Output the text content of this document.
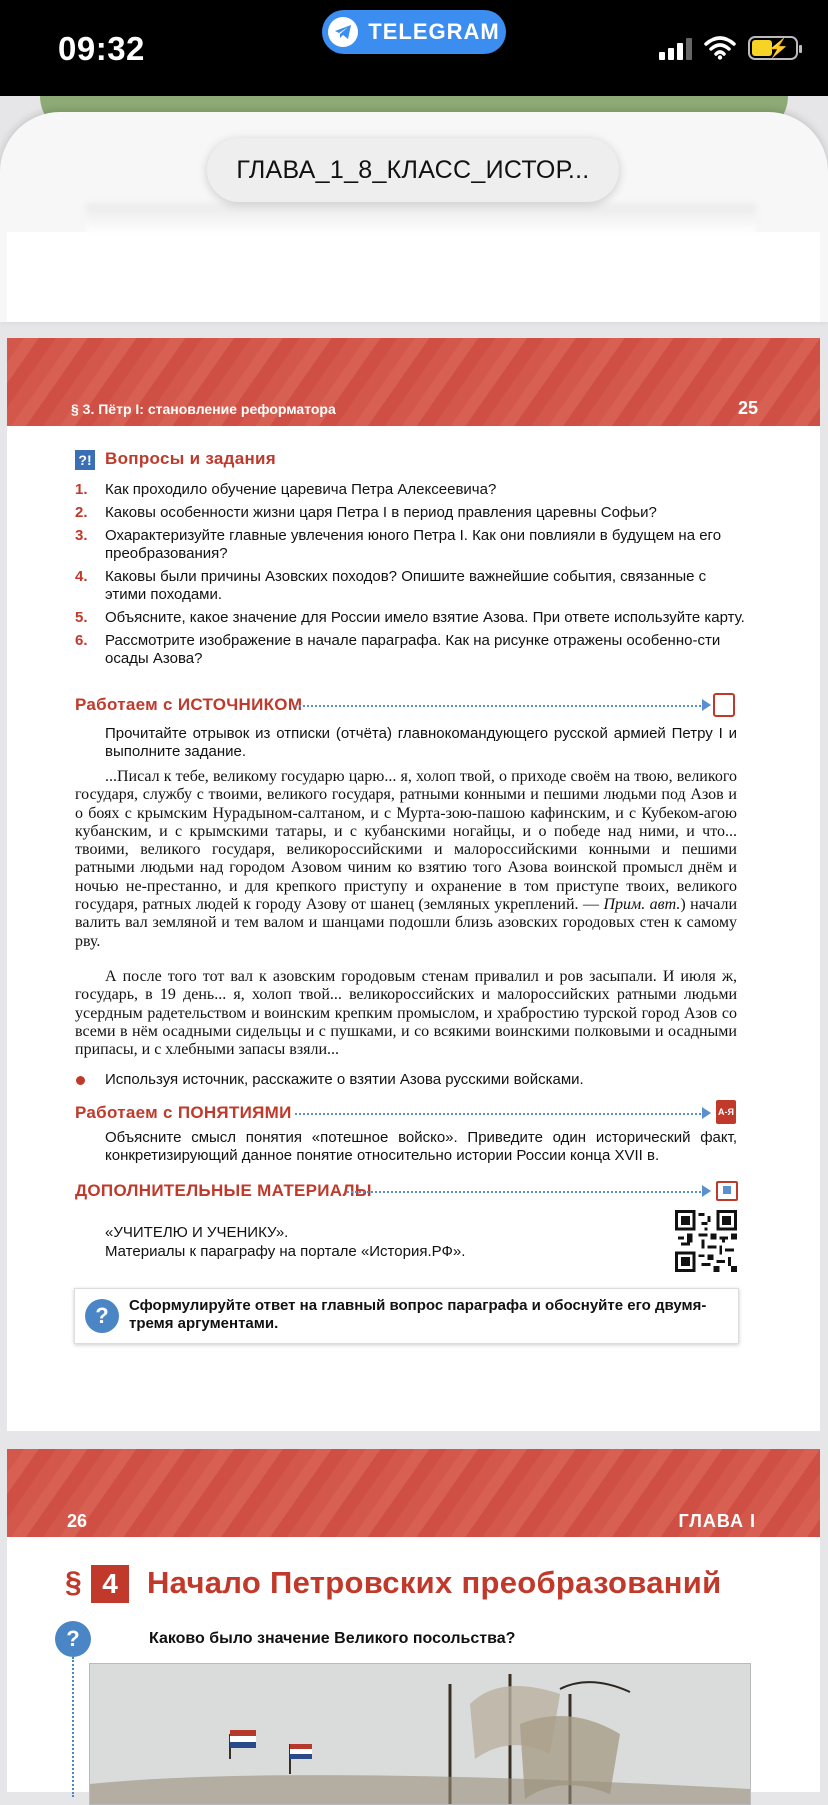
09:32	TELEGRAM
⚡
ГЛАВА_1_8_КЛАСС_ИСТОР...
§ 3. Пётр I: становление реформатора	25
?! Вопросы и задания
1.	Как проходило обучение царевича Петра Алексеевича?
2.	Каковы особенности жизни царя Петра I в период правления царевны Софьи?
3.	Охарактеризуйте главные увлечения юного Петра I. Как они повлияли в будущем на его преобразования?
4.	Каковы были причины Азовских походов? Опишите важнейшие события, связанные с этими походами.
5.	Объясните, какое значение для России имело взятие Азова. При ответе используйте карту.
6.	Рассмотрите изображение в начале параграфа. Как на рисунке отражены особенно-сти осады Азова?
Работаем с ИСТОЧНИКОМ
Прочитайте отрывок из отписки (отчёта) главнокомандующего русской армией Петру I и выполните задание.
...Писал к тебе, великому государю царю... я, холоп твой, о приходе своём на твою, великого государя, службу с твоими, великого государя, ратными конными и пешими людьми под Азов и о боях с крымским Нурадыном-салтаном, и с Мурта-зою-пашою кафинским, и с Кубеком-агою кубанским, и с крымскими татары, и с кубанскими ногайцы, и о победе над ними, и что... твоими, великого государя, великороссийскими и малороссийскими конными и пешими ратными людьми над городом Азовом чиним ко взятию того Азова воинской промысл днём и ночью не-престанно, и для крепкого приступу и охранение в том приступе твоих, великого государя, ратных людей к городу Азову от шанец (земляных укреплений. — Прим. авт.) начали валить вал земляной и тем валом и шанцами подошли близь азовских городовых стен к самому рву.
А после того тот вал к азовским городовым стенам привалил и ров засыпали. И июля ж, государь, в 19 день... я, холоп твой... великороссийских и малороссийских ратными людьми усердным радетельством и воинским крепким промыслом, и храбростию турской город Азов со всеми в нём осадными сидельцы и с пушками, и со всякими воинскими полковыми и осадными припасы, и с хлебными запасы взяли...
Используя источник, расскажите о взятии Азова русскими войсками.
Работаем с ПОНЯТИЯМИ	А-Я
Объясните смысл понятия «потешное войско». Приведите один исторический факт, конкретизирующий данное понятие относительно истории России конца XVII в.
ДОПОЛНИТЕЛЬНЫЕ МАТЕРИАЛЫ
«УЧИТЕЛЮ И УЧЕНИКУ».
Материалы к параграфу на портале «История.РФ».
?	Сформулируйте ответ на главный вопрос параграфа и обоснуйте его двумя-тремя аргументами.
26	ГЛАВА I
§ 4 Начало Петровских преобразований
?	Каково было значение Великого посольства?
